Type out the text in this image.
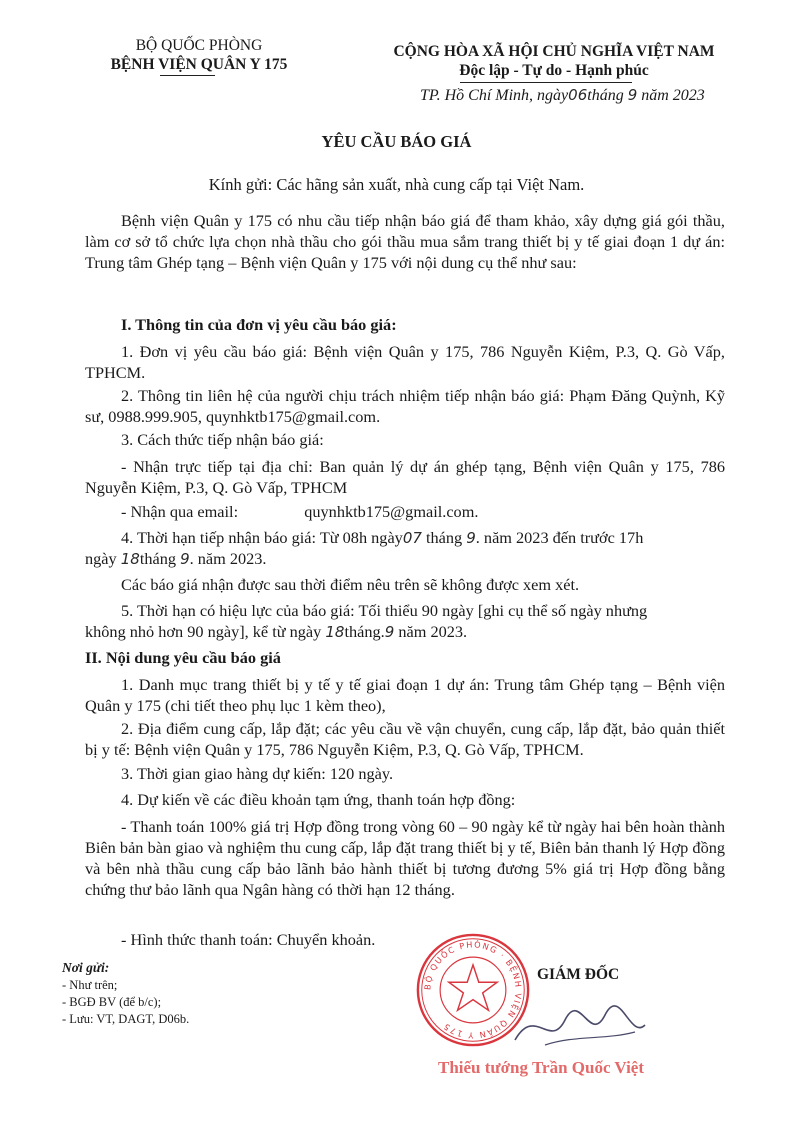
BỘ QUỐC PHÒNG
BỆNH VIỆN QUÂN Y 175
CỘNG HÒA XÃ HỘI CHỦ NGHĨA VIỆT NAM
Độc lập - Tự do - Hạnh phúc
TP. Hồ Chí Minh, ngày06tháng 9 năm 2023
YÊU CẦU BÁO GIÁ
Kính gửi: Các hãng sản xuất, nhà cung cấp tại Việt Nam.
Bệnh viện Quân y 175 có nhu cầu tiếp nhận báo giá để tham khảo, xây dựng giá gói thầu, làm cơ sở tổ chức lựa chọn nhà thầu cho gói thầu mua sắm trang thiết bị y tế giai đoạn 1 dự án: Trung tâm Ghép tạng – Bệnh viện Quân y 175 với nội dung cụ thể như sau:
I. Thông tin của đơn vị yêu cầu báo giá:
1. Đơn vị yêu cầu báo giá: Bệnh viện Quân y 175, 786 Nguyễn Kiệm, P.3, Q. Gò Vấp, TPHCM.
2. Thông tin liên hệ của người chịu trách nhiệm tiếp nhận báo giá: Phạm Đăng Quỳnh, Kỹ sư, 0988.999.905, quynhktb175@gmail.com.
3. Cách thức tiếp nhận báo giá:
- Nhận trực tiếp tại địa chỉ: Ban quản lý dự án ghép tạng, Bệnh viện Quân y 175, 786 Nguyễn Kiệm, P.3, Q. Gò Vấp, TPHCM
- Nhận qua email:	quynhktb175@gmail.com.
4. Thời hạn tiếp nhận báo giá: Từ 08h ngày07 tháng 9. năm 2023 đến trước 17h
ngày 18tháng 9. năm 2023.
Các báo giá nhận được sau thời điểm nêu trên sẽ không được xem xét.
5. Thời hạn có hiệu lực của báo giá: Tối thiểu 90 ngày [ghi cụ thể số ngày nhưng
không nhỏ hơn 90 ngày], kể từ ngày 18tháng.9 năm 2023.
II. Nội dung yêu cầu báo giá
1. Danh mục trang thiết bị y tế y tế giai đoạn 1 dự án: Trung tâm Ghép tạng – Bệnh viện Quân y 175 (chi tiết theo phụ lục 1 kèm theo),
2. Địa điểm cung cấp, lắp đặt; các yêu cầu về vận chuyển, cung cấp, lắp đặt, bảo quản thiết bị y tế: Bệnh viện Quân y 175, 786 Nguyễn Kiệm, P.3, Q. Gò Vấp, TPHCM.
3. Thời gian giao hàng dự kiến: 120 ngày.
4. Dự kiến về các điều khoản tạm ứng, thanh toán hợp đồng:
- Thanh toán 100% giá trị Hợp đồng trong vòng 60 – 90 ngày kể từ ngày hai bên hoàn thành Biên bản bàn giao và nghiệm thu cung cấp, lắp đặt trang thiết bị y tế, Biên bản thanh lý Hợp đồng và bên nhà thầu cung cấp bảo lãnh bảo hành thiết bị tương đương 5% giá trị Hợp đồng bằng chứng thư bảo lãnh qua Ngân hàng có thời hạn 12 tháng.
- Hình thức thanh toán: Chuyển khoản.
Nơi gửi:
- Như trên;
- BGĐ BV (để b/c);
- Lưu: VT, DAGT, D06b.
BỘ QUỐC PHÒNG · BỆNH VIỆN QUÂN Y 175
GIÁM ĐỐC
Thiếu tướng Trần Quốc Việt
